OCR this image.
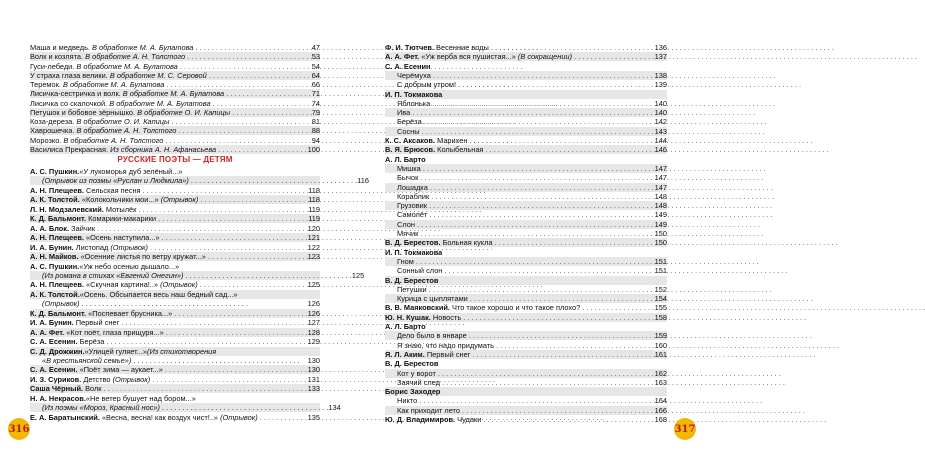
Маша и медведь. В обработке М. А. Булатова . . .	47
Волк и козлята. В обработке А. Н. Толстого . . .	53
Гуси-лебеди. В обработке М. А. Булатова . . .	54
У страха глаза велики. В обработке М. С. Серовой . . .	64
Теремок. В обработке М. А. Булатова . . .	66
Лисичка-сестричка и волк. В обработке М. А. Булатова . . .	71
Лисичка со скалочкой. В обработке М. А. Булатова . . .	74
Петушок и бобовое зёрнышко. В обработке О. И. Капицы . . .	79
Коза-дереза. В обработке О. И. Капицы . . .	81
Хаврошечка. В обработке А. Н. Толстого . . .	88
Морозко. В обработке А. Н. Толстого . . .	94
Василиса Прекрасная. Из сборника А. Н. Афанасьева . . .	100
РУССКИЕ ПОЭТЫ — ДЕТЯМ
А. С. Пушкин. «У лукоморья дуб зелёный...»
(Отрывок из поэмы «Руслан и Людмила») . . . . . . . . . . . . . . . . . . . . . . . . . . . . . . . . . . . . . . . . . 116
А. Н. Плещеев. Сельская песня . . .	118
А. К. Толстой. «Колокольчики мои...» (Отрывок) . . .	118
Л. Н. Модзалевский. Мотылёк . . .	119
К. Д. Бальмонт. Комарики-макарики . . .	119
А. А. Блок. Зайчик . . .	120
А. Н. Плещеев. «Осень наступила...» . . .	121
И. А. Бунин. Листопад (Отрывок) . . .	122
А. Н. Майков. «Осенние листья по ветру кружат...» . . .	123
А. С. Пушкин. «Уж небо осенью дышало...»
(Из романа в стихах «Евгений Онегин») . . . . . . . . . . . . . . . . . . . . . . . . . . . . . . . . . . . . . . . . . 125
А. Н. Плещеев. «Скучная картина!..» (Отрывок) . . .	125
А. К. Толстой. «Осень. Обсыпается весь наш бедный сад...»
(Отрывок) . . . . . . . . . . . . . . . . . . . . . . . . . . . . . . . . . . . . . . . . .	126
К. Д. Бальмонт. «Поспевает брусника...» . . .	126
И. А. Бунин. Первый снег . . .	127
А. А. Фет. «Кот поёт, глаза прищуря...» . . .	128
С. А. Есенин. Берёза . . .	129
С. Д. Дрожжин. «Улицей гуляет...» (Из стихотворения
«В крестьянской семье») . . . . . . . . . . . . . . . . . . . . . . . . . . . . . . . . . . . . . . . . .	130
С. А. Есенин. «Поёт зима — аукает...» . . .	130
И. З. Суриков. Детство (Отрывок) . . .	131
Саша Чёрный. Волк . . .	133
Н. А. Некрасов. «Не ветер бушует над бором...»
(Из поэмы «Мороз, Красный нос») . . . . . . . . . . . . . . . . . . . . . . . . . . . . . . . . . . . . . . . . . 134
Е. А. Баратынский. «Весна, весна! как воздух чист!..» (Отрывок) . . .	135
Ф. И. Тютчев. Весенние воды . . .	136
А. А. Фет. «Уж верба вся пушистая...» (В сокращении) . . .	137
С. А. Есенин
Черёмуха . . .	138
С добрым утром! . . .	139
И. П. Токмакова
Яблонька . . .	140
Ива . . .	140
Берёза . . .	142
Сосны . . .	143
К. С. Аксаков. Марихен . . .	144
В. Я. Брюсов. Колыбельная . . .	146
А. Л. Барто
Мишка . . .	147
Бычок . . .	147
Лошадка . . .	147
Кораблик . . .	148
Грузовик . . .	148
Самолёт . . .	149
Слон . . .	149
Мячик . . .	150
В. Д. Берестов. Больная кукла . . .	150
И. П. Токмакова
Гном . . .	151
Сонный слон . . .	151
В. Д. Берестов
Петушки . . .	152
Курица с цыплятами . . .	154
В. В. Маяковский. Что такое хорошо и что такое плохо? . . .	155
Ю. Н. Кушак. Новость . . .	158
А. Л. Барто
Дело было в январе . . .	159
Я знаю, что надо придумать . . .	160
Я. Л. Аким. Первый снег . . .	161
В. Д. Берестов
Кот у ворот . . .	162
Заячий след . . .	163
Борис Заходер
Никто . . .	164
Как приходит лето . . .	166
Ю. Д. Владимиров. Чудаки . . .	168
316	317
